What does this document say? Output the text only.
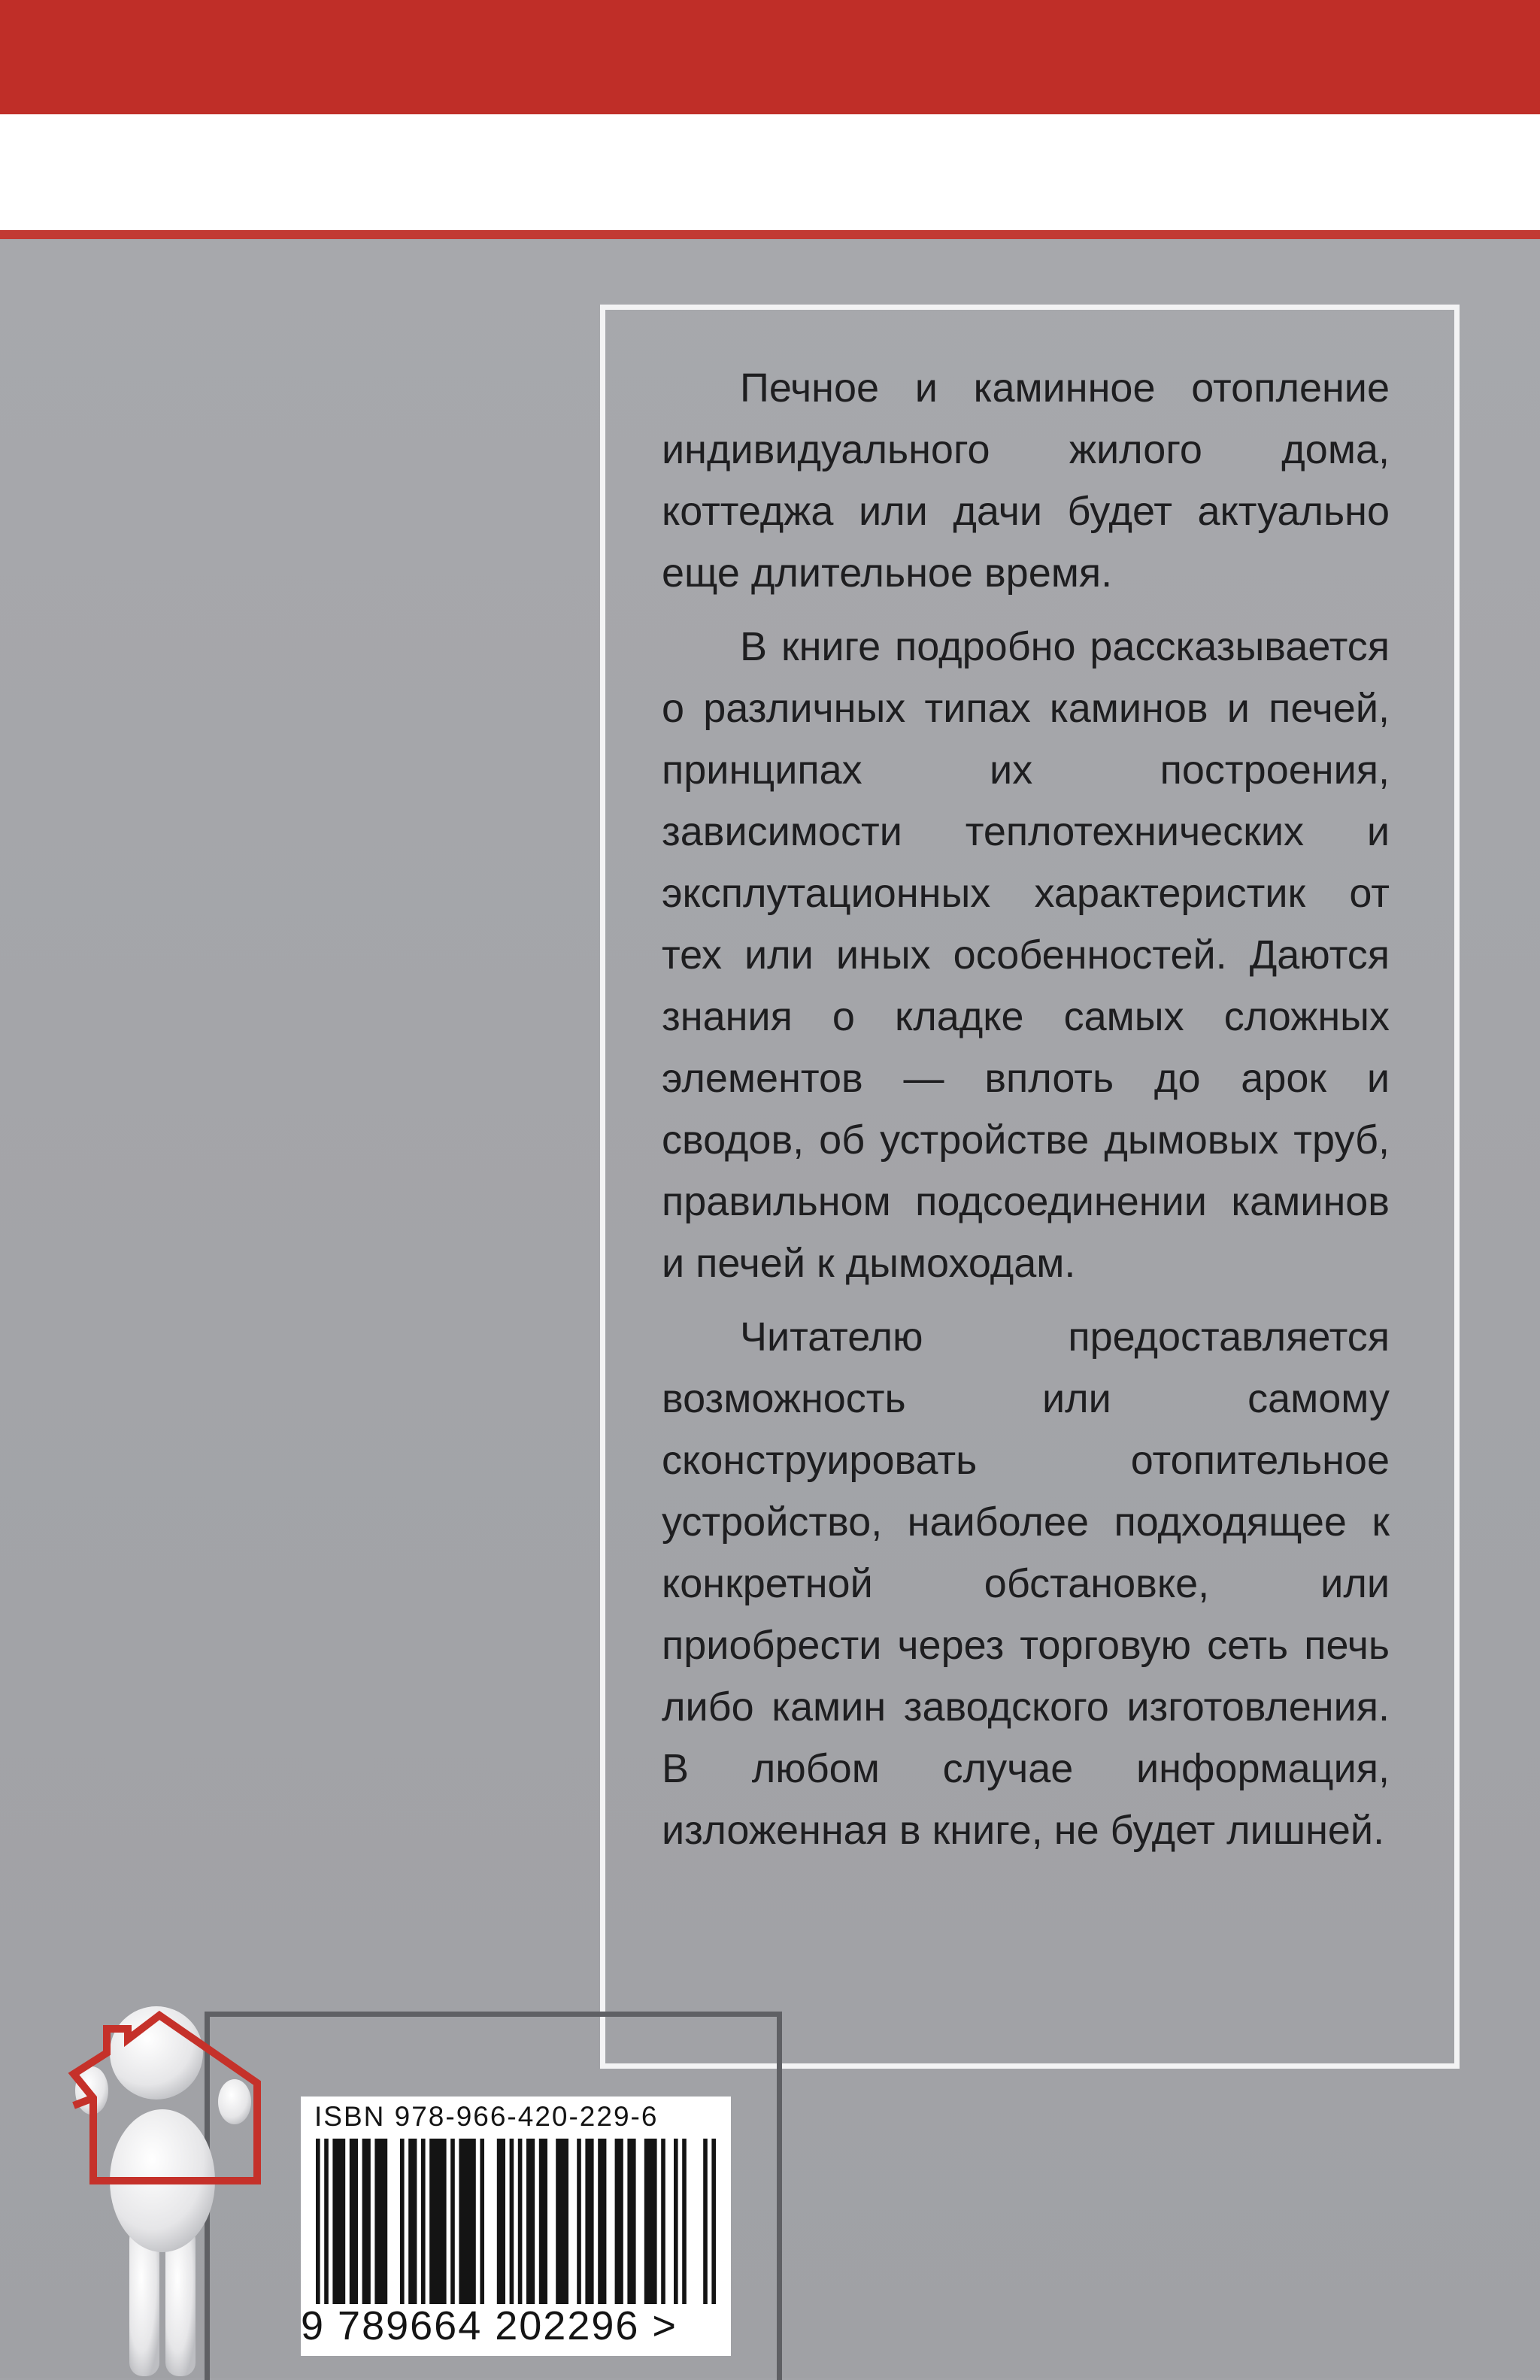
Печное и каминное отопление индивидуального жилого дома, коттеджа или дачи будет актуально еще длительное время.

В книге подробно рассказывается о различных типах каминов и печей, принципах их построения, зависимости теплотехнических и эксплутационных характеристик от тех или иных особенностей. Даются знания о кладке самых сложных элементов — вплоть до арок и сводов, об устройстве дымовых труб, правильном подсоединении каминов и печей к дымоходам.

Читателю предоставляется возможность или самому сконструировать отопительное устройство, наиболее подходящее к конкретной обстановке, или приобрести через торговую сеть печь либо камин заводского изготовления. В любом случае информация, изложенная в книге, не будет лишней.

ISBN 978-966-420-229-6
9 789664 202296 >
